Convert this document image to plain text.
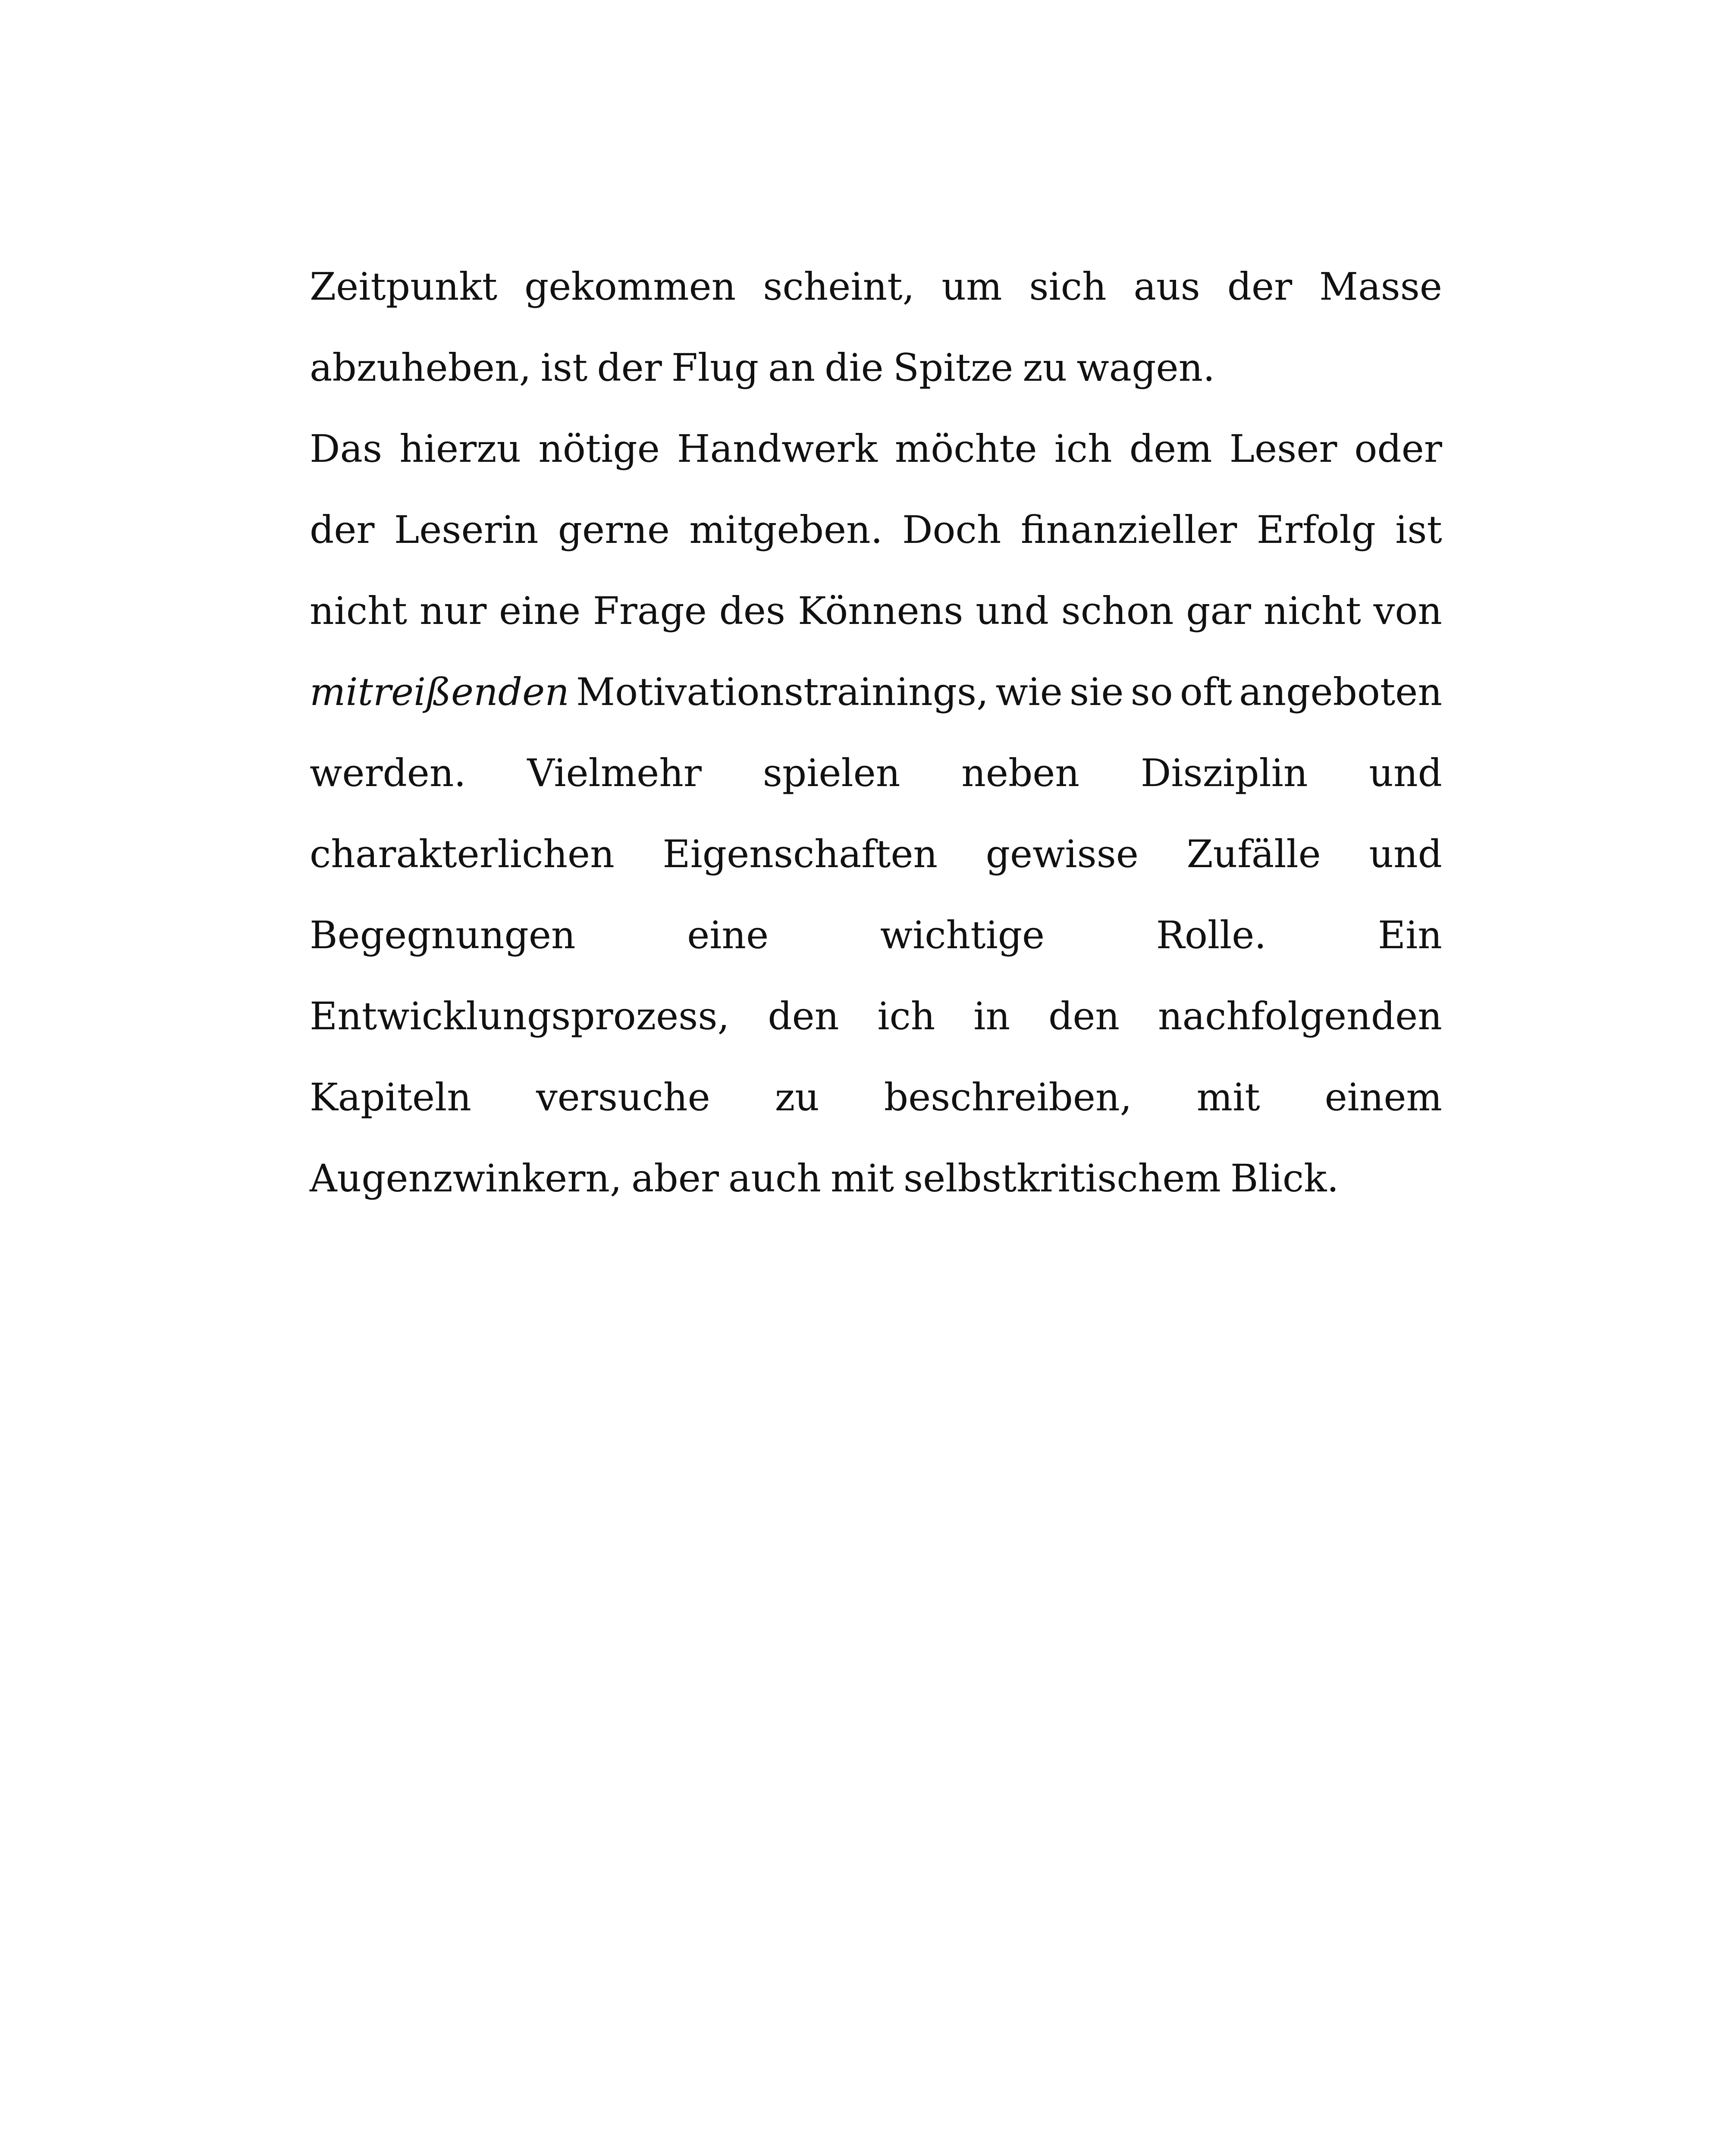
Zeitpunkt gekommen scheint, um sich aus der Masse
abzuheben, ist der Flug an die Spitze zu wagen.
Das hierzu nötige Handwerk möchte ich dem Leser oder
der Leserin gerne mitgeben. Doch finanzieller Erfolg ist
nicht nur eine Frage des Könnens und schon gar nicht von
mitreißenden Motivationstrainings, wie sie so oft angeboten
werden. Vielmehr spielen neben Disziplin und
charakterlichen Eigenschaften gewisse Zufälle und
Begegnungen	eine	wichtige	Rolle.	Ein
Entwicklungsprozess, den ich in den nachfolgenden
Kapiteln versuche zu beschreiben, mit einem
Augenzwinkern, aber auch mit selbstkritischem Blick.
